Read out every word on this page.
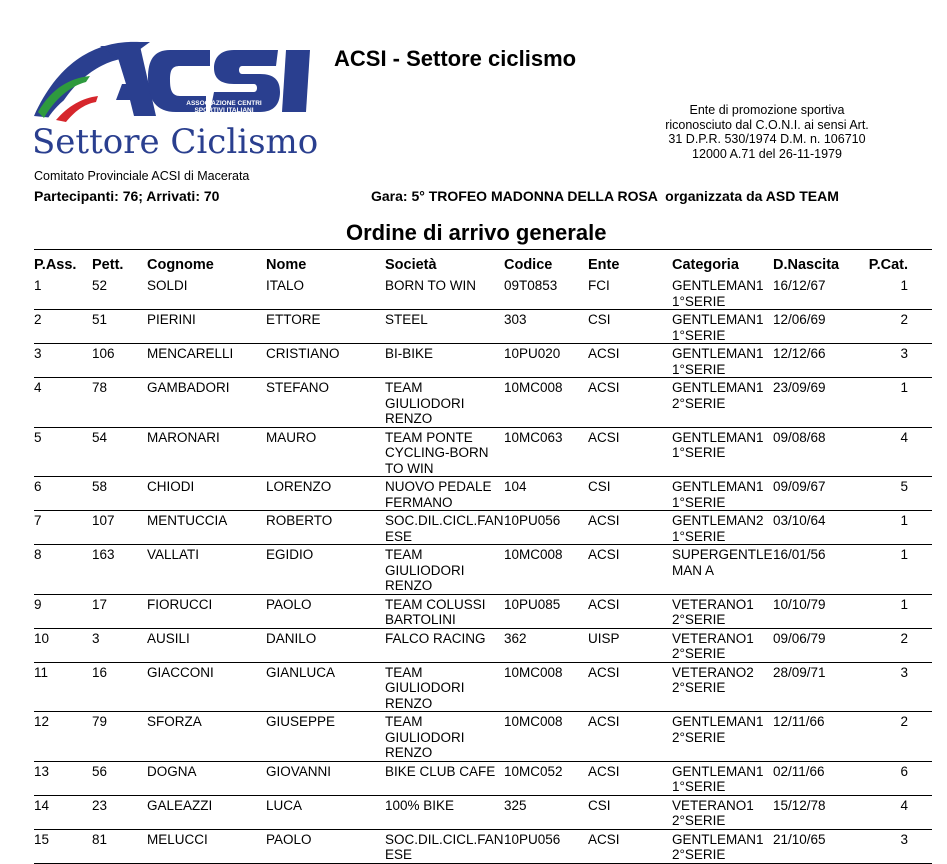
ASSOCIAZIONE CENTRI SPORTIVI ITALIANI
Settore Ciclismo
ACSI - Settore ciclismo
Ente di promozione sportiva
riconosciuto dal C.O.N.I. ai sensi Art.
31 D.P.R. 530/1974 D.M. n. 106710
12000 A.71 del 26-11-1979
Comitato Provinciale ACSI di Macerata
Partecipanti: 76; Arrivati: 70	Gara: 5° TROFEO MADONNA DELLA ROSA  organizzata da ASD TEAM
Ordine di arrivo generale
P.Ass.	Pett.	Cognome	Nome	Società	Codice	Ente	Categoria	D.Nascita	P.Cat.
1	52	SOLDI	ITALO	BORN TO WIN	09T0853	FCI	GENTLEMAN1 1°SERIE	16/12/67	1
2	51	PIERINI	ETTORE	STEEL	303	CSI	GENTLEMAN1 1°SERIE	12/06/69	2
3	106	MENCARELLI	CRISTIANO	BI-BIKE	10PU020	ACSI	GENTLEMAN1 1°SERIE	12/12/66	3
4	78	GAMBADORI	STEFANO	TEAM GIULIODORI RENZO	10MC008	ACSI	GENTLEMAN1 2°SERIE	23/09/69	1
5	54	MARONARI	MAURO	TEAM PONTE CYCLING-BORN TO WIN	10MC063	ACSI	GENTLEMAN1 1°SERIE	09/08/68	4
6	58	CHIODI	LORENZO	NUOVO PEDALE FERMANO	104	CSI	GENTLEMAN1 1°SERIE	09/09/67	5
7	107	MENTUCCIA	ROBERTO	SOC.DIL.CICL.FANESE	10PU056	ACSI	GENTLEMAN2 1°SERIE	03/10/64	1
8	163	VALLATI	EGIDIO	TEAM GIULIODORI RENZO	10MC008	ACSI	SUPERGENTLEMAN A	16/01/56	1
9	17	FIORUCCI	PAOLO	TEAM COLUSSI BARTOLINI	10PU085	ACSI	VETERANO1 2°SERIE	10/10/79	1
10	3	AUSILI	DANILO	FALCO RACING	362	UISP	VETERANO1 2°SERIE	09/06/79	2
11	16	GIACCONI	GIANLUCA	TEAM GIULIODORI RENZO	10MC008	ACSI	VETERANO2 2°SERIE	28/09/71	3
12	79	SFORZA	GIUSEPPE	TEAM GIULIODORI RENZO	10MC008	ACSI	GENTLEMAN1 2°SERIE	12/11/66	2
13	56	DOGNA	GIOVANNI	BIKE CLUB CAFE	10MC052	ACSI	GENTLEMAN1 1°SERIE	02/11/66	6
14	23	GALEAZZI	LUCA	100% BIKE	325	CSI	VETERANO1 2°SERIE	15/12/78	4
15	81	MELUCCI	PAOLO	SOC.DIL.CICL.FANESE	10PU056	ACSI	GENTLEMAN1 2°SERIE	21/10/65	3
